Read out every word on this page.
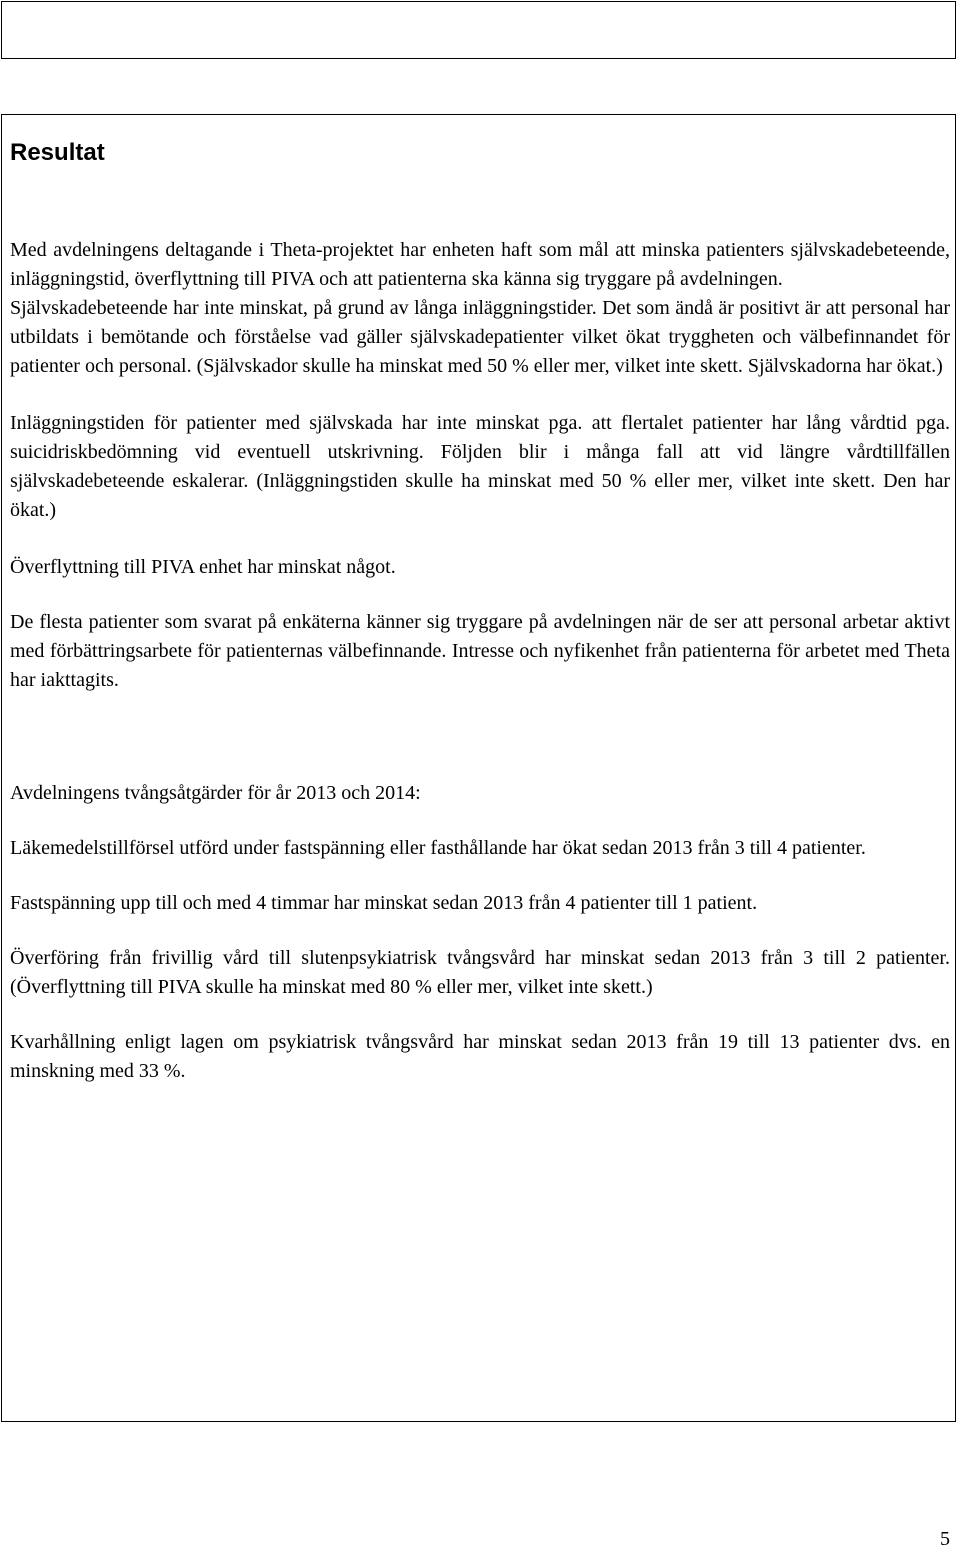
Resultat

Med avdelningens deltagande i Theta-projektet har enheten haft som mål att minska patienters självskadebeteende, inläggningstid, överflyttning till PIVA och att patienterna ska känna sig tryggare på avdelningen.

Självskadebeteende har inte minskat, på grund av långa inläggningstider. Det som ändå är positivt är att personal har utbildats i bemötande och förståelse vad gäller självskadepatienter vilket ökat tryggheten och välbefinnandet för patienter och personal. (Självskador skulle ha minskat med 50 % eller mer, vilket inte skett. Självskadorna har ökat.)

Inläggningstiden för patienter med självskada har inte minskat pga. att flertalet patienter har lång vårdtid pga. suicidriskbedömning vid eventuell utskrivning. Följden blir i många fall att vid längre vårdtillfällen självskadebeteende eskalerar. (Inläggningstiden skulle ha minskat med 50 % eller mer, vilket inte skett. Den har ökat.)

Överflyttning till PIVA enhet har minskat något.

De flesta patienter som svarat på enkäterna känner sig tryggare på avdelningen när de ser att personal arbetar aktivt med förbättringsarbete för patienternas välbefinnande. Intresse och nyfikenhet från patienterna för arbetet med Theta har iakttagits.

Avdelningens tvångsåtgärder för år 2013 och 2014:

Läkemedelstillförsel utförd under fastspänning eller fasthållande har ökat sedan 2013 från 3 till 4 patienter.

Fastspänning upp till och med 4 timmar har minskat sedan 2013 från 4 patienter till 1 patient.

Överföring från frivillig vård till slutenpsykiatrisk tvångsvård har minskat sedan 2013 från 3 till 2 patienter. (Överflyttning till PIVA skulle ha minskat med 80 % eller mer, vilket inte skett.)

Kvarhållning enligt lagen om psykiatrisk tvångsvård har minskat sedan 2013 från 19 till 13 patienter dvs. en minskning med 33 %.

5
